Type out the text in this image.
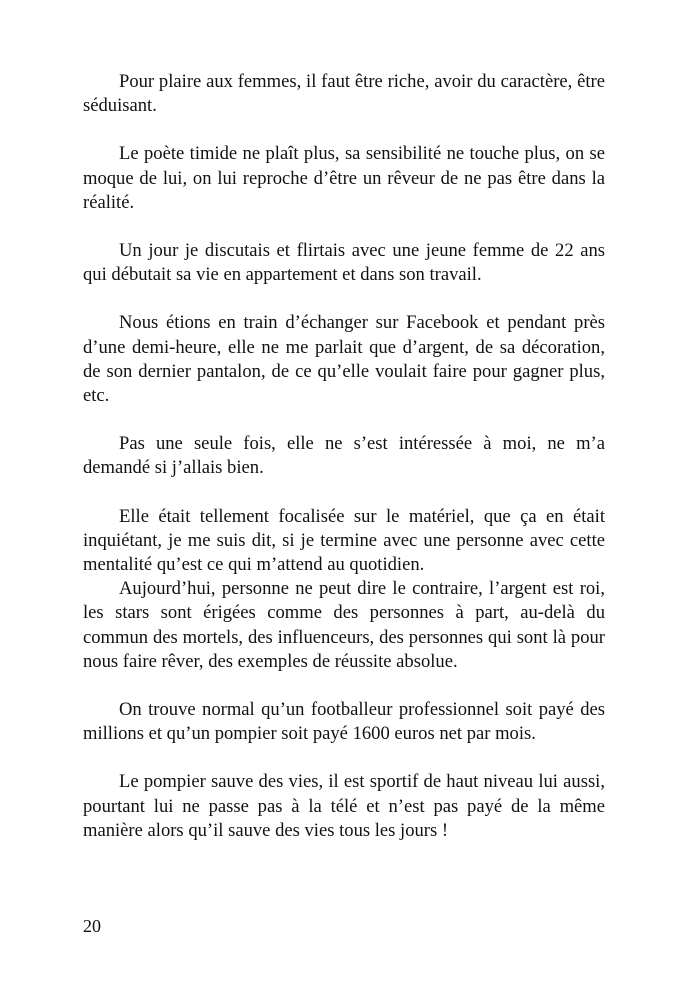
Pour plaire aux femmes, il faut être riche, avoir du caractère, être séduisant.

Le poète timide ne plaît plus, sa sensibilité ne touche plus, on se moque de lui, on lui reproche d’être un rêveur de ne pas être dans la réalité.

Un jour je discutais et flirtais avec une jeune femme de 22 ans qui débutait sa vie en appartement et dans son travail.

Nous étions en train d’échanger sur Facebook et pendant près d’une demi-heure, elle ne me parlait que d’argent, de sa décoration, de son dernier pantalon, de ce qu’elle voulait faire pour gagner plus, etc.

Pas une seule fois, elle ne s’est intéressée à moi, ne m’a demandé si j’allais bien.

Elle était tellement focalisée sur le matériel, que ça en était inquiétant, je me suis dit, si je termine avec une personne avec cette mentalité qu’est ce qui m’attend au quotidien.

Aujourd’hui, personne ne peut dire le contraire, l’argent est roi, les stars sont érigées comme des personnes à part, au-delà du commun des mortels, des influenceurs, des personnes qui sont là pour nous faire rêver, des exemples de réussite absolue.

On trouve normal qu’un footballeur professionnel soit payé des millions et qu’un pompier soit payé 1600 euros net par mois.

Le pompier sauve des vies, il est sportif de haut niveau lui aussi, pourtant lui ne passe pas à la télé et n’est pas payé de la même manière alors qu’il sauve des vies tous les jours !

20
